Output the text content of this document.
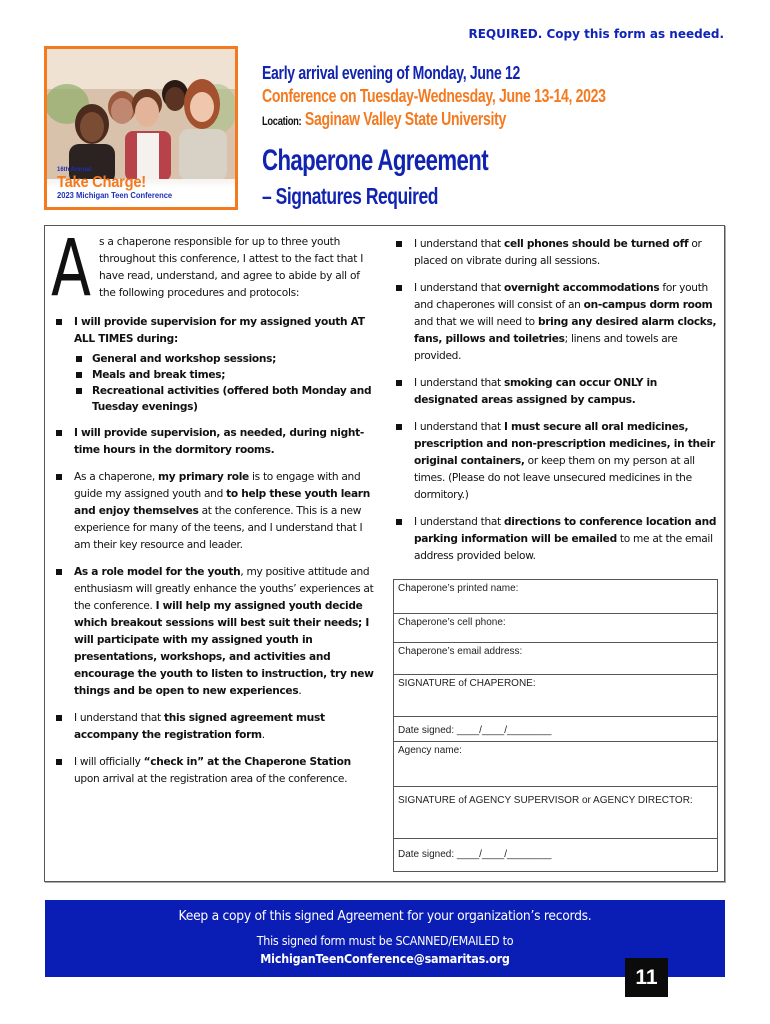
REQUIRED. Copy this form as needed.
16th Annual
Take Charge!
2023 Michigan Teen Conference
Early arrival evening of Monday, June 12
Conference on Tuesday-Wednesday, June 13-14, 2023
Location: Saginaw Valley State University
Chaperone Agreement
– Signatures Required
A s a chaperone responsible for up to three youth throughout this conference, I attest to the fact that I have read, understand, and agree to abide by all of the following procedures and protocols:
I will provide supervision for my assigned youth AT ALL TIMES during:
General and workshop sessions;
Meals and break times;
Recreational activities (offered both Monday and Tuesday evenings)
I will provide supervision, as needed, during night-time hours in the dormitory rooms.
As a chaperone, my primary role is to engage with and guide my assigned youth and to help these youth learn and enjoy themselves at the conference. This is a new experience for many of the teens, and I understand that I am their key resource and leader.
As a role model for the youth, my positive attitude and enthusiasm will greatly enhance the youths’ experiences at the conference. I will help my assigned youth decide which breakout sessions will best suit their needs; I will participate with my assigned youth in presentations, workshops, and activities and encourage the youth to listen to instruction, try new things and be open to new experiences.
I understand that this signed agreement must accompany the registration form.
I will officially “check in” at the Chaperone Station upon arrival at the registration area of the conference.
I understand that cell phones should be turned off or placed on vibrate during all sessions.
I understand that overnight accommodations for youth and chaperones will consist of an on-campus dorm room and that we will need to bring any desired alarm clocks, fans, pillows and toiletries; linens and towels are provided.
I understand that smoking can occur ONLY in designated areas assigned by campus.
I understand that I must secure all oral medicines, prescription and non-prescription medicines, in their original containers, or keep them on my person at all times. (Please do not leave unsecured medicines in the dormitory.)
I understand that directions to conference location and parking information will be emailed to me at the email address provided below.
Chaperone’s printed name:
Chaperone’s cell phone:
Chaperone’s email address:
SIGNATURE of CHAPERONE:
Date signed: ____/____/________
Agency name:
SIGNATURE of AGENCY SUPERVISOR or AGENCY DIRECTOR:
Date signed: ____/____/________
Keep a copy of this signed Agreement for your organization’s records.
This signed form must be SCANNED/EMAILED to
MichiganTeenConference@samaritas.org
11
